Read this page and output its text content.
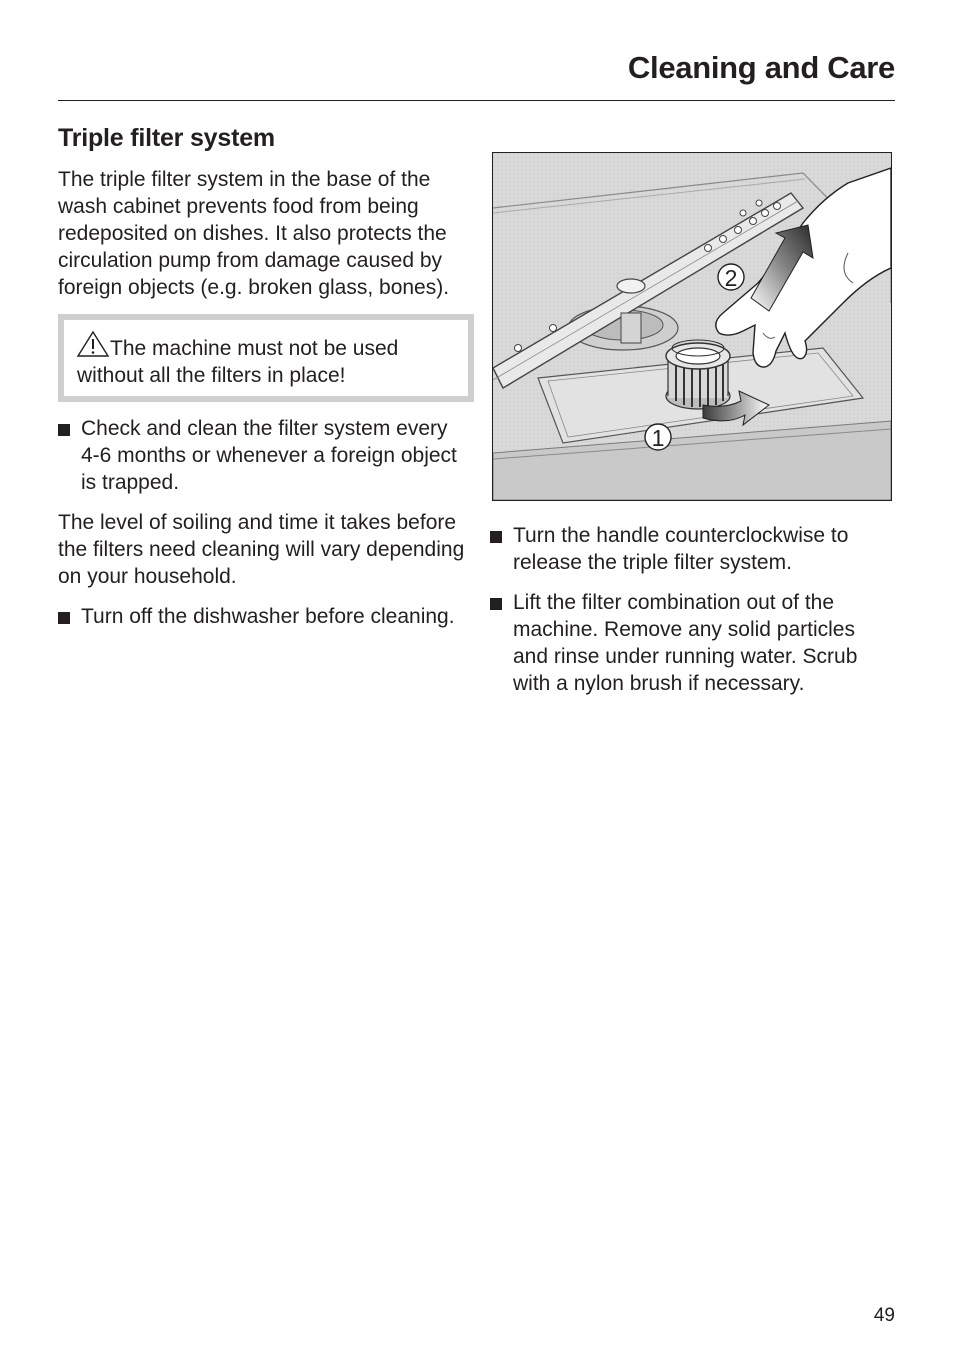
Cleaning and Care
Triple filter system

The triple filter system in the base of the wash cabinet prevents food from being redeposited on dishes. It also protects the circulation pump from damage caused by foreign objects (e.g. broken glass, bones).

The machine must not be used without all the filters in place!

Check and clean the filter system every 4-6 months or whenever a foreign object is trapped.

The level of soiling and time it takes before the filters need cleaning will vary depending on your household.

Turn off the dishwasher before cleaning.
1
2
Turn the handle counterclockwise to release the triple filter system.
Lift the filter combination out of the machine. Remove any solid particles and rinse under running water. Scrub with a nylon brush if necessary.

49
